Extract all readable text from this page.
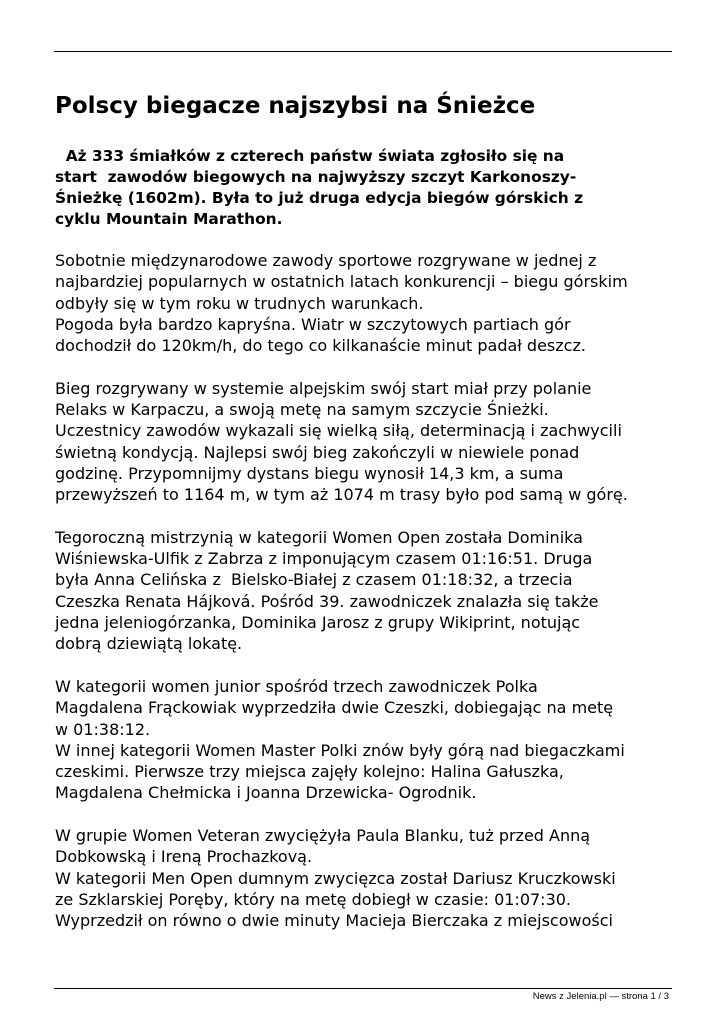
Polscy biegacze najszybsi na Śnieżce
Aż 333 śmiałków z czterech państw świata zgłosiło się na
start  zawodów biegowych na najwyższy szczyt Karkonoszy-
Śnieżkę (1602m). Była to już druga edycja biegów górskich z
cyklu Mountain Marathon.
Sobotnie międzynarodowe zawody sportowe rozgrywane w jednej z
najbardziej popularnych w ostatnich latach konkurencji – biegu górskim
odbyły się w tym roku w trudnych warunkach.
Pogoda była bardzo kapryśna. Wiatr w szczytowych partiach gór
dochodził do 120km/h, do tego co kilkanaście minut padał deszcz.
Bieg rozgrywany w systemie alpejskim swój start miał przy polanie
Relaks w Karpaczu, a swoją metę na samym szczycie Śnieżki.
Uczestnicy zawodów wykazali się wielką siłą, determinacją i zachwycili
świetną kondycją. Najlepsi swój bieg zakończyli w niewiele ponad
godzinę. Przypomnijmy dystans biegu wynosił 14,3 km, a suma
przewyższeń to 1164 m, w tym aż 1074 m trasy było pod samą w górę.
Tegoroczną mistrzynią w kategorii Women Open została Dominika
Wiśniewska-Ulfik z Zabrza z imponującym czasem 01:16:51. Druga
była Anna Celińska z  Bielsko-Białej z czasem 01:18:32, a trzecia
Czeszka Renata Hájková. Pośród 39. zawodniczek znalazła się także
jedna jeleniogórzanka, Dominika Jarosz z grupy Wikiprint, notując
dobrą dziewiątą lokatę.
W kategorii women junior spośród trzech zawodniczek Polka
Magdalena Frąckowiak wyprzedziła dwie Czeszki, dobiegając na metę
w 01:38:12.
W innej kategorii Women Master Polki znów były górą nad biegaczkami
czeskimi. Pierwsze trzy miejsca zajęły kolejno: Halina Gałuszka,
Magdalena Chełmicka i Joanna Drzewicka- Ogrodnik.
W grupie Women Veteran zwyciężyła Paula Blanku, tuż przed Anną
Dobkowską i Ireną Prochazkovą.
W kategorii Men Open dumnym zwycięzca został Dariusz Kruczkowski
ze Szklarskiej Poręby, który na metę dobiegł w czasie: 01:07:30.
Wyprzedził on równo o dwie minuty Macieja Bierczaka z miejscowości
News z Jelenia.pl — strona 1 / 3
